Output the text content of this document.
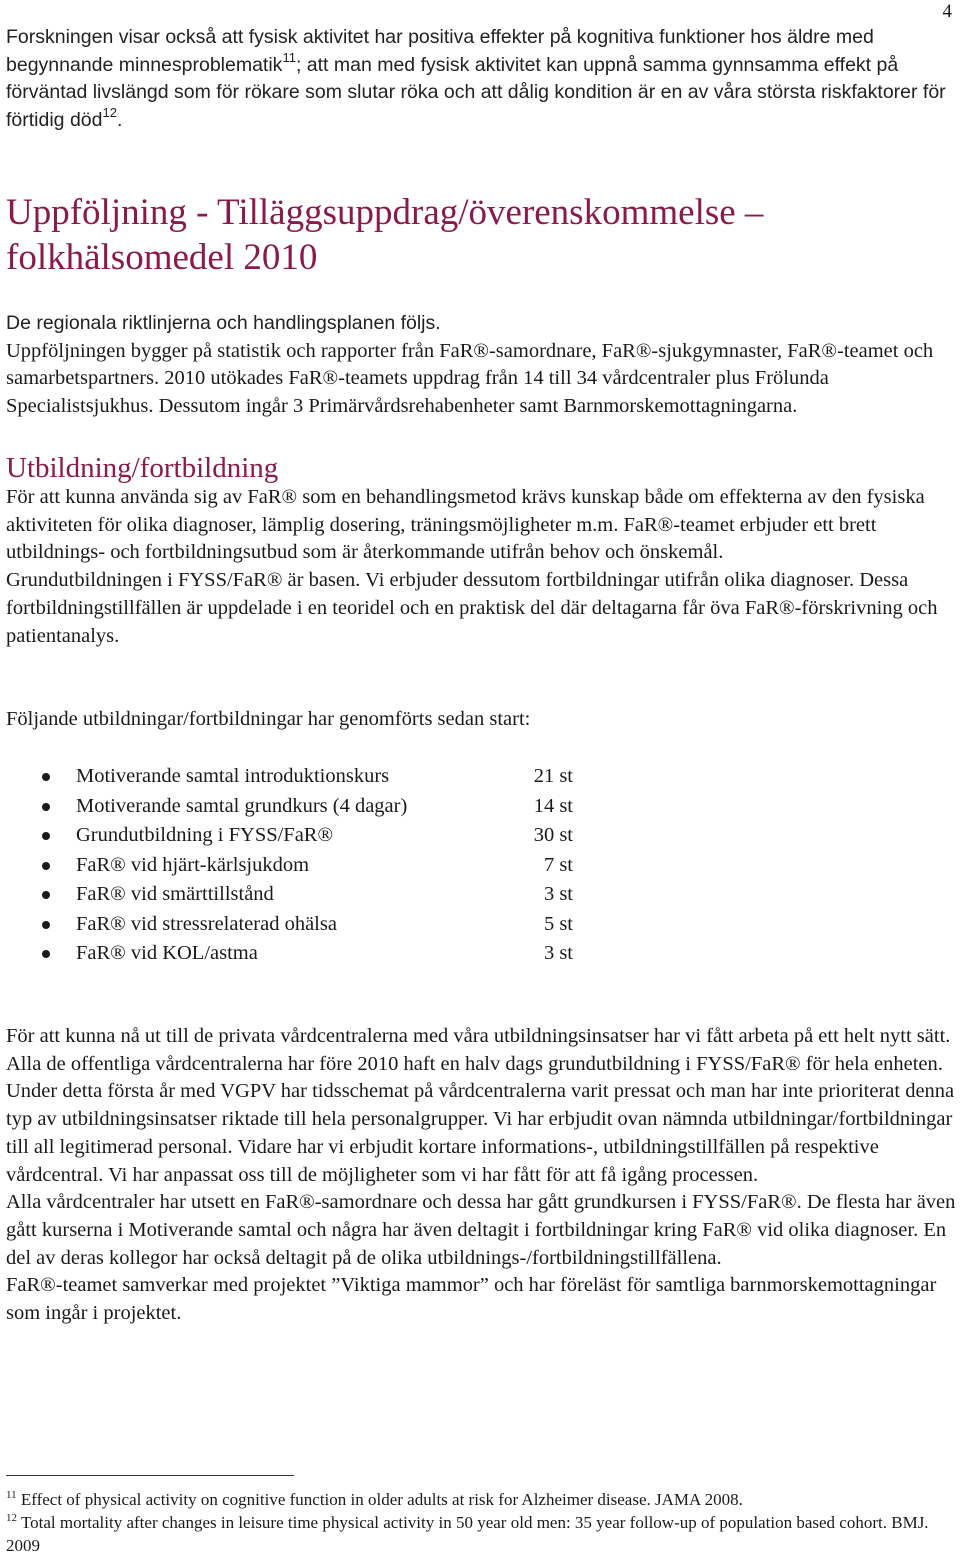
4

Forskningen visar också att fysisk aktivitet har positiva effekter på kognitiva funktioner hos äldre med begynnande minnesproblematik$^{11}$; att man med fysisk aktivitet kan uppnå samma gynnsamma effekt på förväntad livslängd som för rökare som slutar röka och att dålig kondition är en av våra största riskfaktorer för förtidig död$^{12}$.

Uppföljning - Tilläggsuppdrag/överenskommelse – folkhälsomedel 2010

De regionala riktlinjerna och handlingsplanen följs.

Uppföljningen bygger på statistik och rapporter från FaR®-samordnare, FaR®-sjukgymnaster, FaR®-teamet och samarbetspartners. 2010 utökades FaR®-teamets uppdrag från 14 till 34 vårdcentraler plus Frölunda Specialistsjukhus. Dessutom ingår 3 Primärvårdsrehabenheter samt Barnmorskemottagningarna.

Utbildning/fortbildning

För att kunna använda sig av FaR® som en behandlingsmetod krävs kunskap både om effekterna av den fysiska aktiviteten för olika diagnoser, lämplig dosering, träningsmöjligheter m.m. FaR®-teamet erbjuder ett brett utbildnings- och fortbildningsutbud som är återkommande utifrån behov och önskemål.

Grundutbildningen i FYSS/FaR® är basen. Vi erbjuder dessutom fortbildningar utifrån olika diagnoser. Dessa fortbildningstillfällen är uppdelade i en teoridel och en praktisk del där deltagarna får öva FaR®-förskrivning och patientanalys.

Följande utbildningar/fortbildningar har genomförts sedan start:

Motiverande samtal introduktionskurs	21 st
Motiverande samtal grundkurs (4 dagar)	14 st
Grundutbildning i FYSS/FaR®	30 st
FaR® vid hjärt-kärlsjukdom	7 st
FaR® vid smärttillstånd	3 st
FaR® vid stressrelaterad ohälsa	5 st
FaR® vid KOL/astma	3 st

För att kunna nå ut till de privata vårdcentralerna med våra utbildningsinsatser har vi fått arbeta på ett helt nytt sätt. Alla de offentliga vårdcentralerna har före 2010 haft en halv dags grundutbildning i FYSS/FaR® för hela enheten. Under detta första år med VGPV har tidsschemat på vårdcentralerna varit pressat och man har inte prioriterat denna typ av utbildningsinsatser riktade till hela personalgrupper. Vi har erbjudit ovan nämnda utbildningar/fortbildningar till all legitimerad personal. Vidare har vi erbjudit kortare informations-, utbildningstillfällen på respektive vårdcentral. Vi har anpassat oss till de möjligheter som vi har fått för att få igång processen.

Alla vårdcentraler har utsett en FaR®-samordnare och dessa har gått grundkursen i FYSS/FaR®. De flesta har även gått kurserna i Motiverande samtal och några har även deltagit i fortbildningar kring FaR® vid olika diagnoser. En del av deras kollegor har också deltagit på de olika utbildnings-/fortbildningstillfällena.

FaR®-teamet samverkar med projektet ”Viktiga mammor” och har föreläst för samtliga barnmorskemottagningar som ingår i projektet.

$^{11}$ Effect of physical activity on cognitive function in older adults at risk for Alzheimer disease. JAMA 2008.

$^{12}$ Total mortality after changes in leisure time physical activity in 50 year old men: 35 year follow-up of population based cohort. BMJ. 2009
